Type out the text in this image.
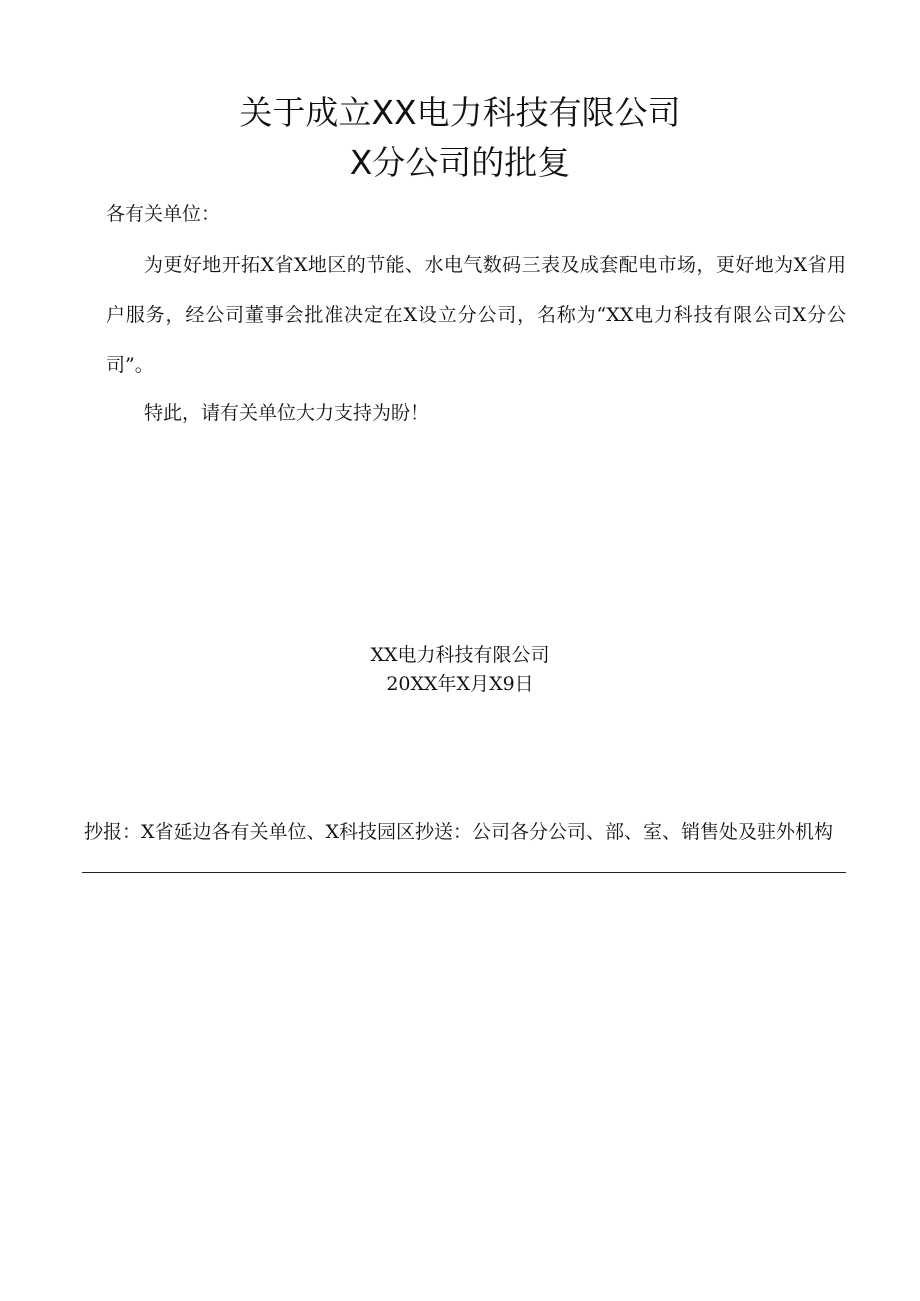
关于成立XX电力科技有限公司
X分公司的批复
各有关单位：

为更好地开拓X省X地区的节能、水电气数码三表及成套配电市场，更好地为X省用户服务，经公司董事会批准决定在X设立分公司，名称为“XX电力科技有限公司X分公司”。

特此，请有关单位大力支持为盼！

XX电力科技有限公司
20XX年X月X9日

抄报：X省延边各有关单位、X科技园区抄送：公司各分公司、部、室、销售处及驻外机构
